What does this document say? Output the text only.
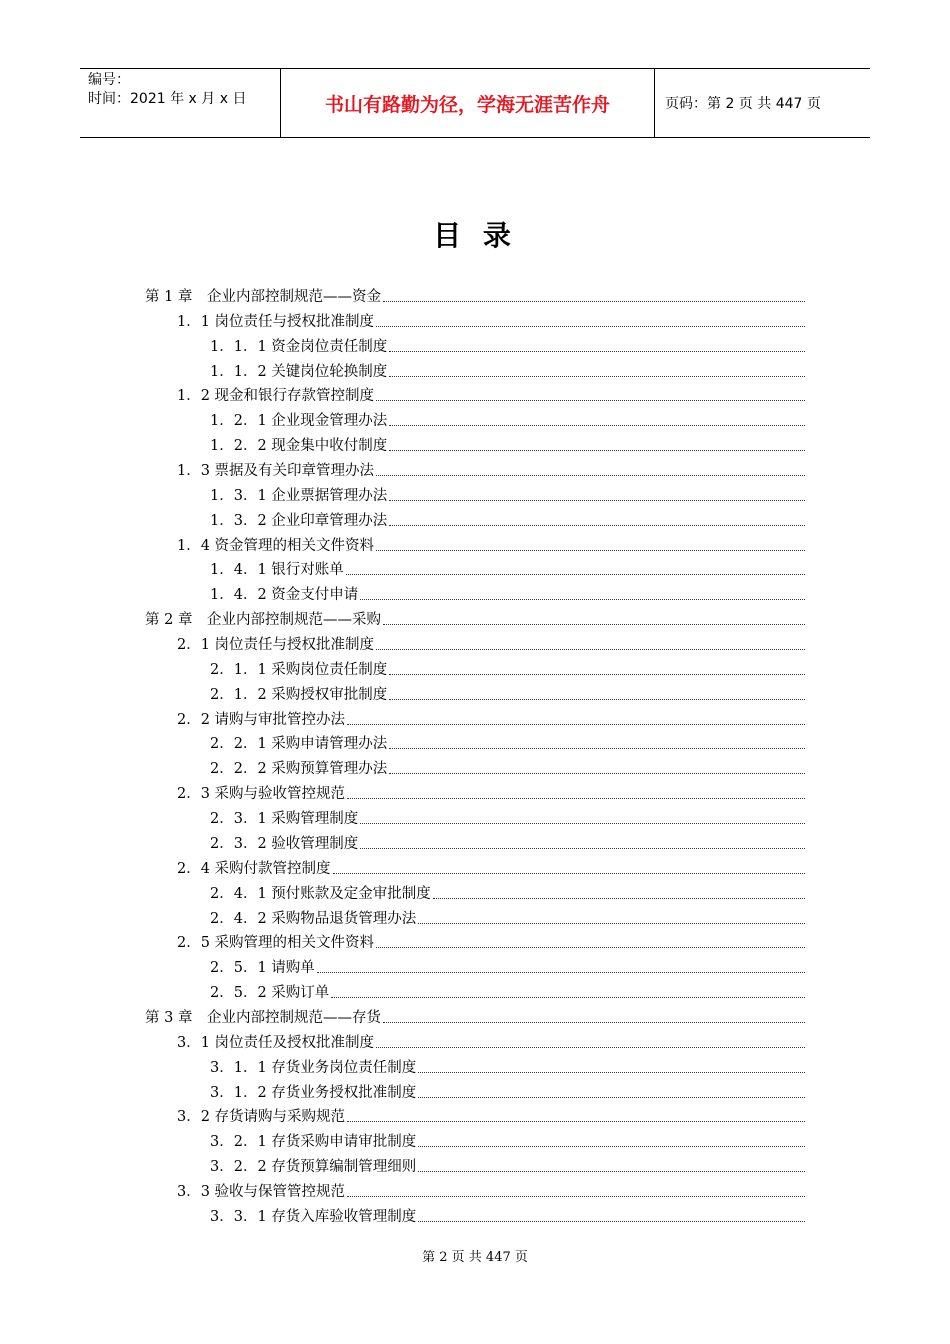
编号：
时间：2021 年 x 月 x 日	书山有路勤为径，学海无涯苦作舟	页码：第 2 页 共 447 页
目 录
第 1 章　企业内部控制规范——资金
1．1 岗位责任与授权批准制度
1．1．1 资金岗位责任制度
1．1．2 关键岗位轮换制度
1．2 现金和银行存款管控制度
1．2．1 企业现金管理办法
1．2．2 现金集中收付制度
1．3 票据及有关印章管理办法
1．3．1 企业票据管理办法
1．3．2 企业印章管理办法
1．4 资金管理的相关文件资料
1．4．1 银行对账单
1．4．2 资金支付申请
第 2 章　企业内部控制规范——采购
2．1 岗位责任与授权批准制度
2．1．1 采购岗位责任制度
2．1．2 采购授权审批制度
2．2 请购与审批管控办法
2．2．1 采购申请管理办法
2．2．2 采购预算管理办法
2．3 采购与验收管控规范
2．3．1 采购管理制度
2．3．2 验收管理制度
2．4 采购付款管控制度
2．4．1 预付账款及定金审批制度
2．4．2 采购物品退货管理办法
2．5 采购管理的相关文件资料
2．5．1 请购单
2．5．2 采购订单
第 3 章　企业内部控制规范——存货
3．1 岗位责任及授权批准制度
3．1．1 存货业务岗位责任制度
3．1．2 存货业务授权批准制度
3．2 存货请购与采购规范
3．2．1 存货采购申请审批制度
3．2．2 存货预算编制管理细则
3．3 验收与保管管控规范
3．3．1 存货入库验收管理制度
第 2 页 共 447 页
